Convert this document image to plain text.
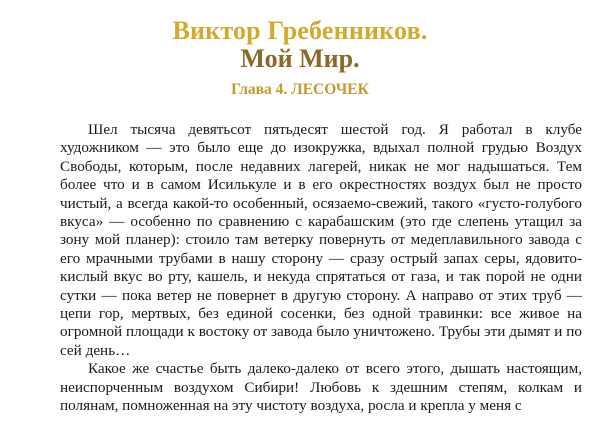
Виктор Гребенников.
Мой Мир.
Глава 4. ЛЕСОЧЕК

Шел тысяча девятьсот пятьдесят шестой год. Я работал в клубе художником — это было еще до изокружка, вдыхал полной грудью Воздух Свободы, которым, после недавних лагерей, никак не мог надышаться. Тем более что и в самом Исилькуле и в его окрестностях воздух был не просто чистый, а всегда какой-то особенный, осязаемо-свежий, такого «густо-голубого вкуса» — особенно по сравнению с карабашским (это где слепень утащил за зону мой планер): стоило там ветерку повернуть от медеплавильного завода с его мрачными трубами в нашу сторону — сразу острый запах серы, ядовито-кислый вкус во рту, кашель, и некуда спрятаться от газа, и так порой не одни сутки — пока ветер не повернет в другую сторону. А направо от этих труб — цепи гор, мертвых, без единой сосенки, без одной травинки: все живое на огромной площади к востоку от завода было уничтожено. Трубы эти дымят и по сей день…

Какое же счастье быть далеко-далеко от всего этого, дышать настоящим, неиспорченным воздухом Сибири! Любовь к здешним степям, колкам и полянам, помноженная на эту чистоту воздуха, росла и крепла у меня с
